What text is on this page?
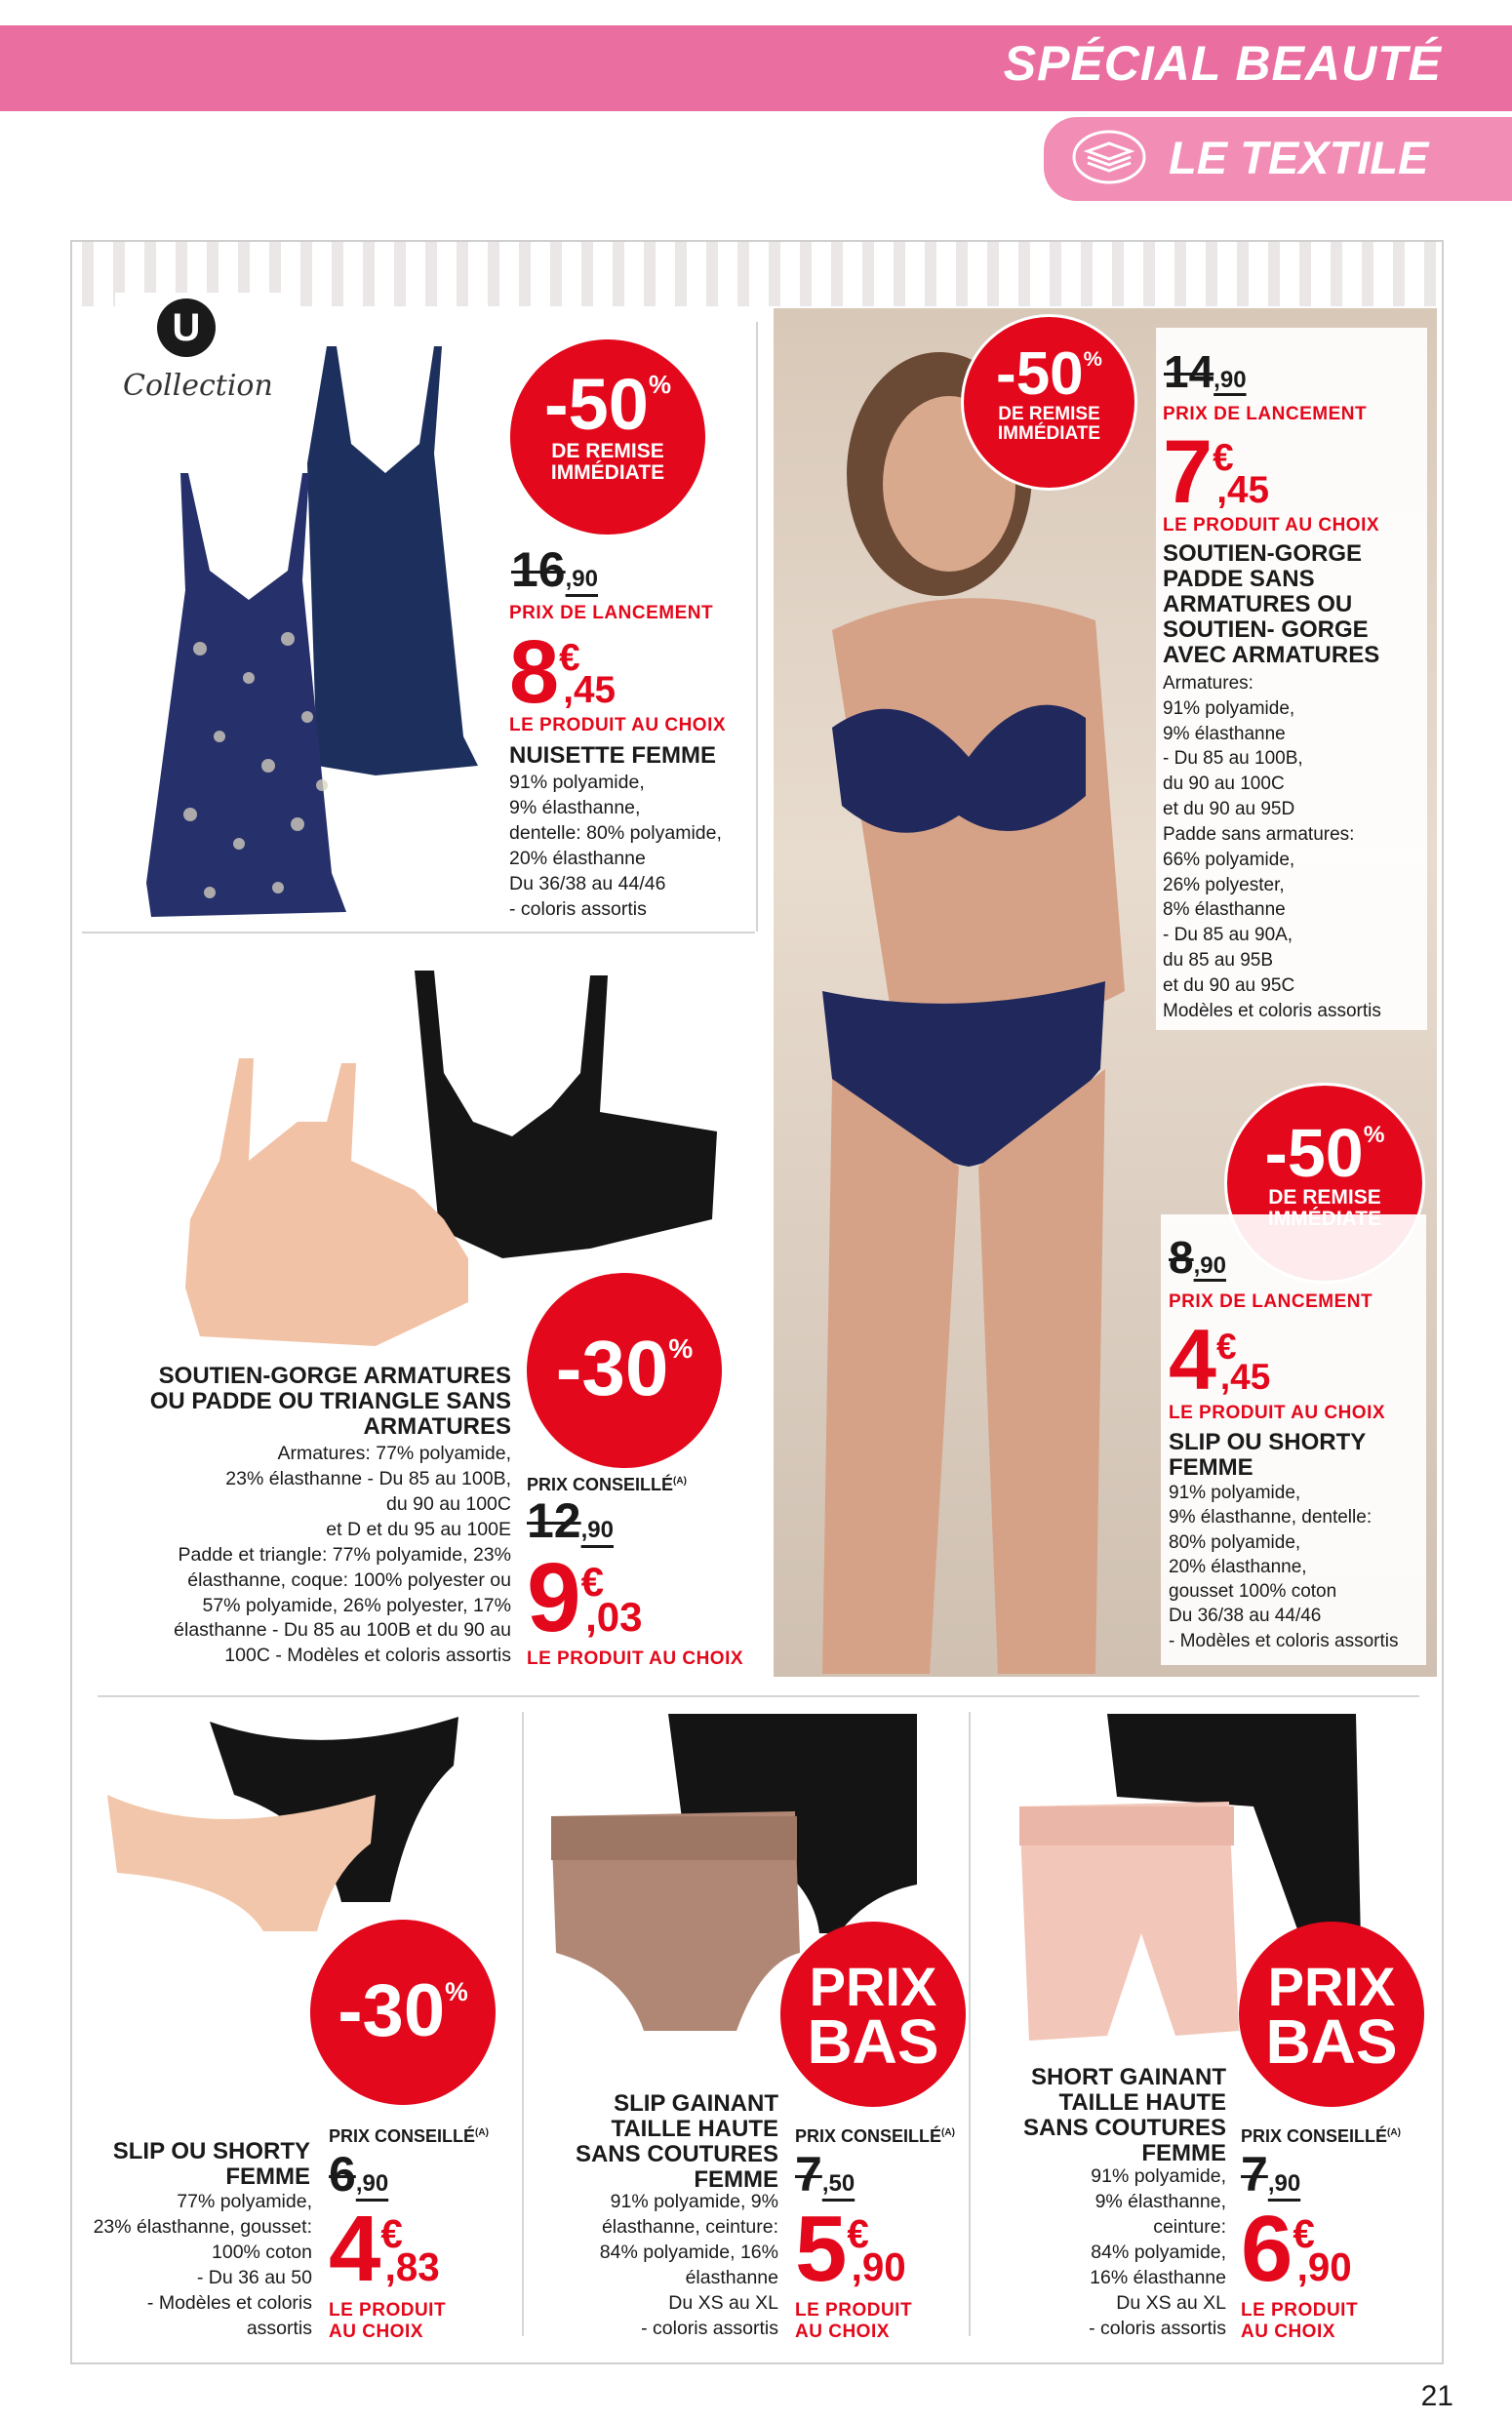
SPÉCIAL BEAUTÉ
LE TEXTILE
U
Collection	-50%
DE REMISE
IMMÉDIATE
16,90
PRIX DE LANCEMENT
8€,45
LE PRODUIT AU CHOIX
NUISETTE FEMME
91% polyamide,
9% élasthanne,
dentelle: 80% polyamide,
20% élasthanne
Du 36/38 au 44/46
- coloris assortis
-30%
SOUTIEN-GORGE ARMATURES
OU PADDE OU TRIANGLE SANS
ARMATURES
Armatures: 77% polyamide,
23% élasthanne - Du 85 au 100B,
du 90 au 100C
et D et du 95 au 100E
Padde et triangle: 77% polyamide, 23%
élasthanne, coque: 100% polyester ou
57% polyamide, 26% polyester, 17%
élasthanne - Du 85 au 100B et du 90 au
100C - Modèles et coloris assortis
PRIX $CONSEILLÉ^{(A)}$
12,90
9€,03
LE PRODUIT AU CHOIX
-50%
DE REMISE
IMMÉDIATE
14,90
PRIX DE LANCEMENT
7€,45
LE PRODUIT AU CHOIX
SOUTIEN-GORGE
PADDE SANS
ARMATURES OU
SOUTIEN- GORGE
AVEC ARMATURES
Armatures:
91% polyamide,
9% élasthanne
- Du 85 au 100B,
du 90 au 100C
et du 90 au 95D
Padde sans armatures:
66% polyamide,
26% polyester,
8% élasthanne
- Du 85 au 90A,
du 85 au 95B
et du 90 au 95C
Modèles et coloris assortis
-50%
DE REMISE
8,90
PRIX DE LANCEMENT
4€,45
LE PRODUIT AU CHOIX
SLIP OU SHORTY
FEMME
91% polyamide,
9% élasthanne, dentelle:
80% polyamide,
20% élasthanne,
gousset 100% coton
Du 36/38 au 44/46
- Modèles et coloris assortis
-30%
SLIP OU SHORTY
FEMME
77% polyamide,
23% élasthanne, gousset:
100% coton
- Du 36 au 50
- Modèles et coloris
assortis
PRIX $CONSEILLÉ^{(A)}$
6,90
4€,83
LE PRODUIT
AU CHOIX
PRIX
BAS
SLIP GAINANT
TAILLE HAUTE
SANS COUTURES
FEMME
91% polyamide, 9%
élasthanne, ceinture:
84% polyamide, 16%
élasthanne
Du XS au XL
- coloris assortis
PRIX $CONSEILLÉ^{(A)}$
7,50
5€,90
LE PRODUIT
AU CHOIX
PRIX
BAS
SHORT GAINANT
TAILLE HAUTE
SANS COUTURES
FEMME
91% polyamide,
9% élasthanne,
ceinture:
84% polyamide,
16% élasthanne
Du XS au XL
- coloris assortis
PRIX $CONSEILLÉ^{(A)}$
7,90
6€,90
LE PRODUIT
AU CHOIX
21
